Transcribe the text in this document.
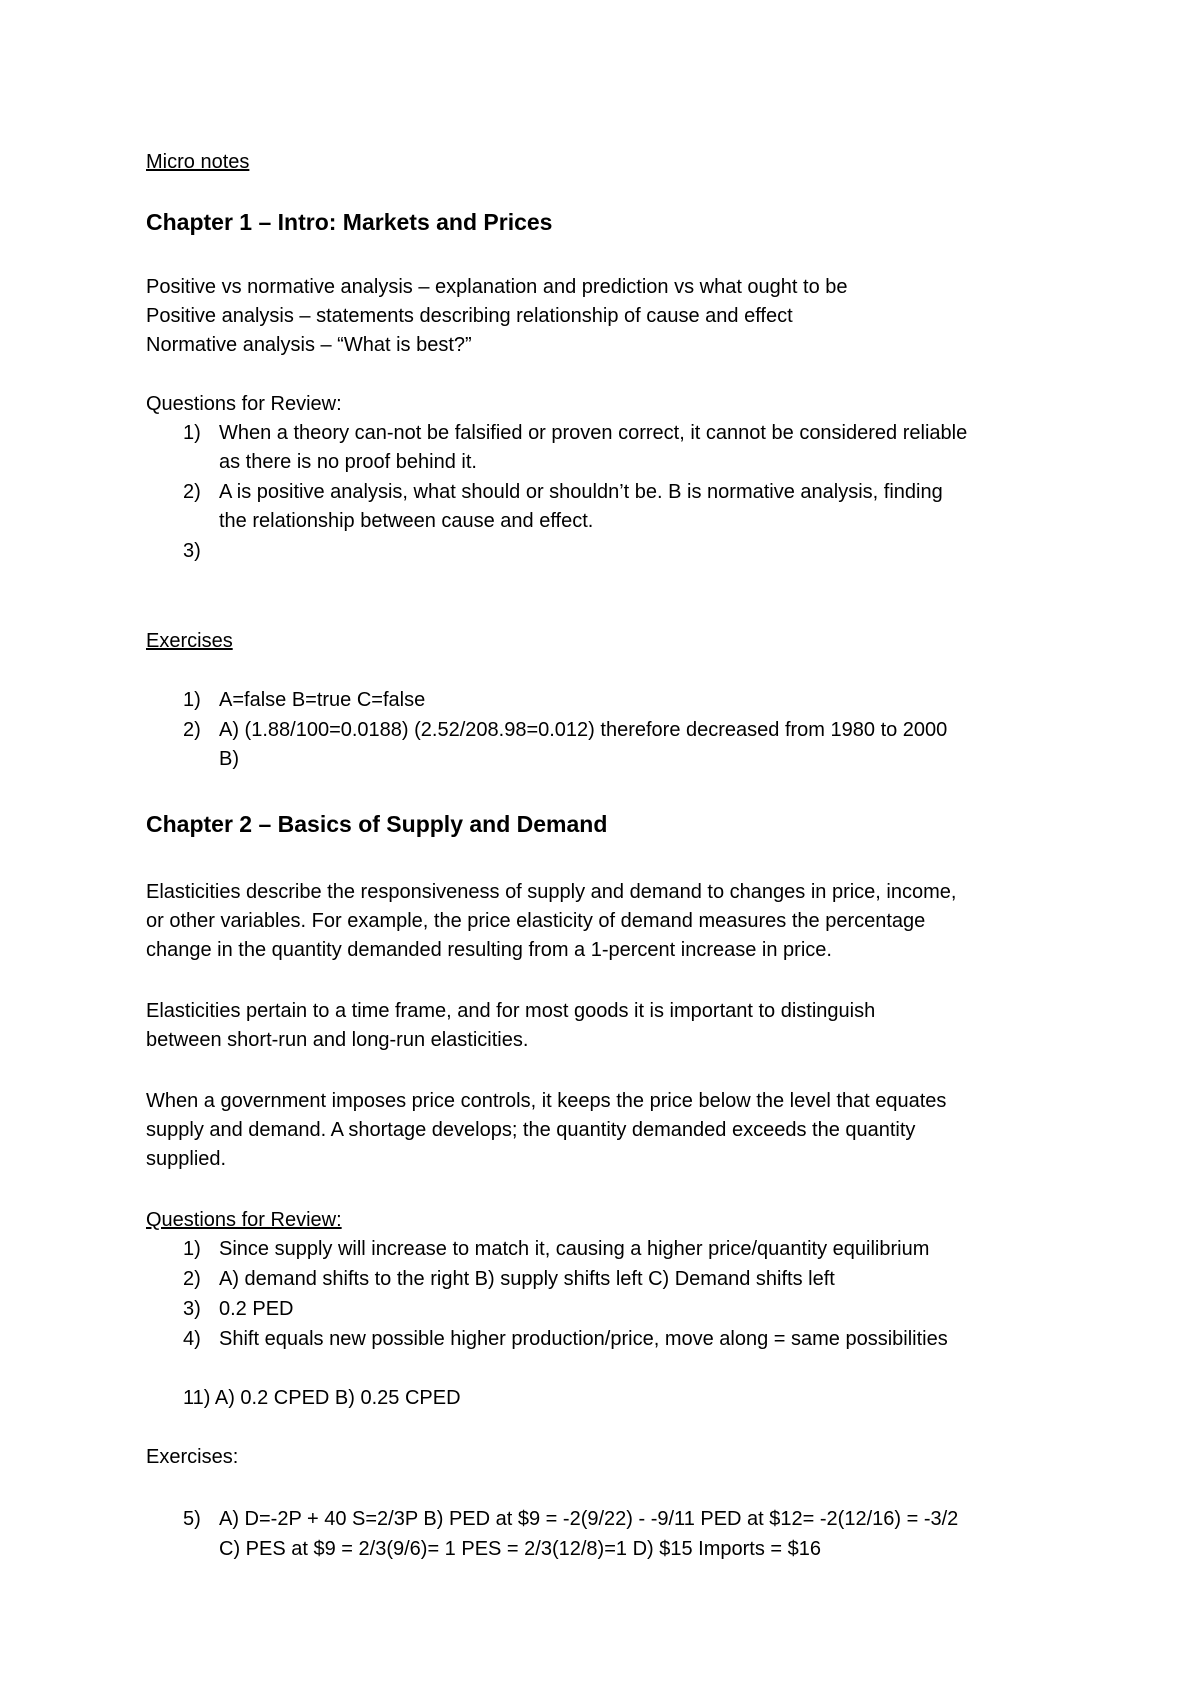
Micro notes
Chapter 1 – Intro: Markets and Prices
Positive vs normative analysis – explanation and prediction vs what ought to be
Positive analysis – statements describing relationship of cause and effect
Normative analysis – “What is best?”
Questions for Review:
1) When a theory can-not be falsified or proven correct, it cannot be considered reliable
as there is no proof behind it.
2) A is positive analysis, what should or shouldn’t be. B is normative analysis, finding
the relationship between cause and effect.
3)
Exercises
1) A=false B=true C=false
2) A) (1.88/100=0.0188) (2.52/208.98=0.012) therefore decreased from 1980 to 2000
B)
Chapter 2 – Basics of Supply and Demand
Elasticities describe the responsiveness of supply and demand to changes in price, income,
or other variables. For example, the price elasticity of demand measures the percentage
change in the quantity demanded resulting from a 1-percent increase in price.
Elasticities pertain to a time frame, and for most goods it is important to distinguish
between short-run and long-run elasticities.
When a government imposes price controls, it keeps the price below the level that equates
supply and demand. A shortage develops; the quantity demanded exceeds the quantity
supplied.
Questions for Review:
1) Since supply will increase to match it, causing a higher price/quantity equilibrium
2) A) demand shifts to the right B) supply shifts left C) Demand shifts left
3) 0.2 PED
4) Shift equals new possible higher production/price, move along = same possibilities
11) A) 0.2 CPED B) 0.25 CPED
Exercises:
5) A) D=-2P + 40 S=2/3P B) PED at $9 = -2(9/22) - -9/11 PED at $12= -2(12/16) = -3/2
C) PES at $9 = 2/3(9/6)= 1 PES = 2/3(12/8)=1 D) $15 Imports = $16
